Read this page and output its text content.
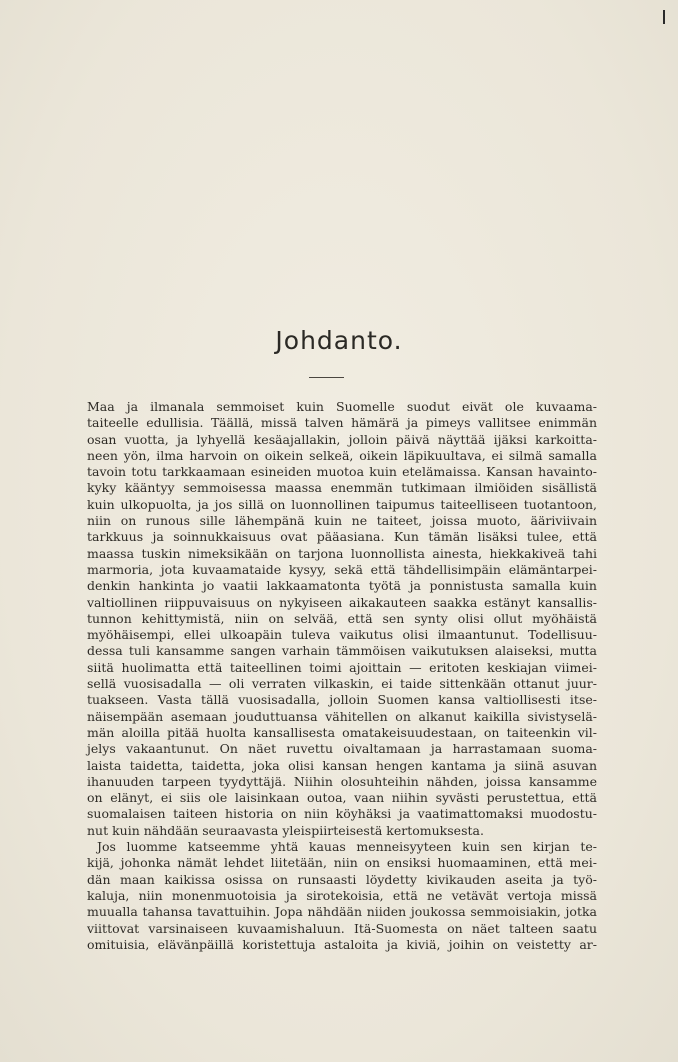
Johdanto.
Maa ja ilmanala semmoiset kuin Suomelle suodut eivät ole kuvaama-
taiteelle edullisia. Täällä, missä talven hämärä ja pimeys vallitsee enimmän
osan vuotta, ja lyhyellä kesäajallakin, jolloin päivä näyttää ijäksi karkoitta-
neen yön, ilma harvoin on oikein selkeä, oikein läpikuultava, ei silmä samalla
tavoin totu tarkkaamaan esineiden muotoa kuin etelämaissa. Kansan havainto-
kyky kääntyy semmoisessa maassa enemmän tutkimaan ilmiöiden sisällistä
kuin ulkopuolta, ja jos sillä on luonnollinen taipumus taiteelliseen tuotantoon,
niin on runous sille lähempänä kuin ne taiteet, joissa muoto, ääriviivain
tarkkuus ja soinnukkaisuus ovat pääasiana. Kun tämän lisäksi tulee, että
maassa tuskin nimeksikään on tarjona luonnollista ainesta, hiekkakiveä tahi
marmoria, jota kuvaamataide kysyy, sekä että tähdellisimpäin elämäntarpei-
denkin hankinta jo vaatii lakkaamatonta työtä ja ponnistusta samalla kuin
valtiollinen riippuvaisuus on nykyiseen aikakauteen saakka estänyt kansallis-
tunnon kehittymistä, niin on selvää, että sen synty olisi ollut myöhäistä
myöhäisempi, ellei ulkoapäin tuleva vaikutus olisi ilmaantunut. Todellisuu-
dessa tuli kansamme sangen varhain tämmöisen vaikutuksen alaiseksi, mutta
siitä huolimatta että taiteellinen toimi ajoittain — eritoten keskiajan viimei-
sellä vuosisadalla — oli verraten vilkaskin, ei taide sittenkään ottanut juur-
tuakseen. Vasta tällä vuosisadalla, jolloin Suomen kansa valtiollisesti itse-
näisempään asemaan jouduttuansa vähitellen on alkanut kaikilla sivistyselä-
män aloilla pitää huolta kansallisesta omatakeisuudestaan, on taiteenkin vil-
jelys vakaantunut. On näet ruvettu oivaltamaan ja harrastamaan suoma-
laista taidetta, taidetta, joka olisi kansan hengen kantama ja siinä asuvan
ihanuuden tarpeen tyydyttäjä. Niihin olosuhteihin nähden, joissa kansamme
on elänyt, ei siis ole laisinkaan outoa, vaan niihin syvästi perustettua, että
suomalaisen taiteen historia on niin köyhäksi ja vaatimattomaksi muodostu-
nut kuin nähdään seuraavasta yleispiirteisestä kertomuksesta.
Jos luomme katseemme yhtä kauas menneisyyteen kuin sen kirjan te-
kijä, johonka nämät lehdet liitetään, niin on ensiksi huomaaminen, että mei-
dän maan kaikissa osissa on runsaasti löydetty kivikauden aseita ja työ-
kaluja, niin monenmuotoisia ja sirotekoisia, että ne vetävät vertoja missä
muualla tahansa tavattuihin. Jopa nähdään niiden joukossa semmoisiakin, jotka
viittovat varsinaiseen kuvaamishaluun. Itä-Suomesta on näet talteen saatu
omituisia, elävänpäillä koristettuja astaloita ja kiviä, joihin on veistetty ar-
